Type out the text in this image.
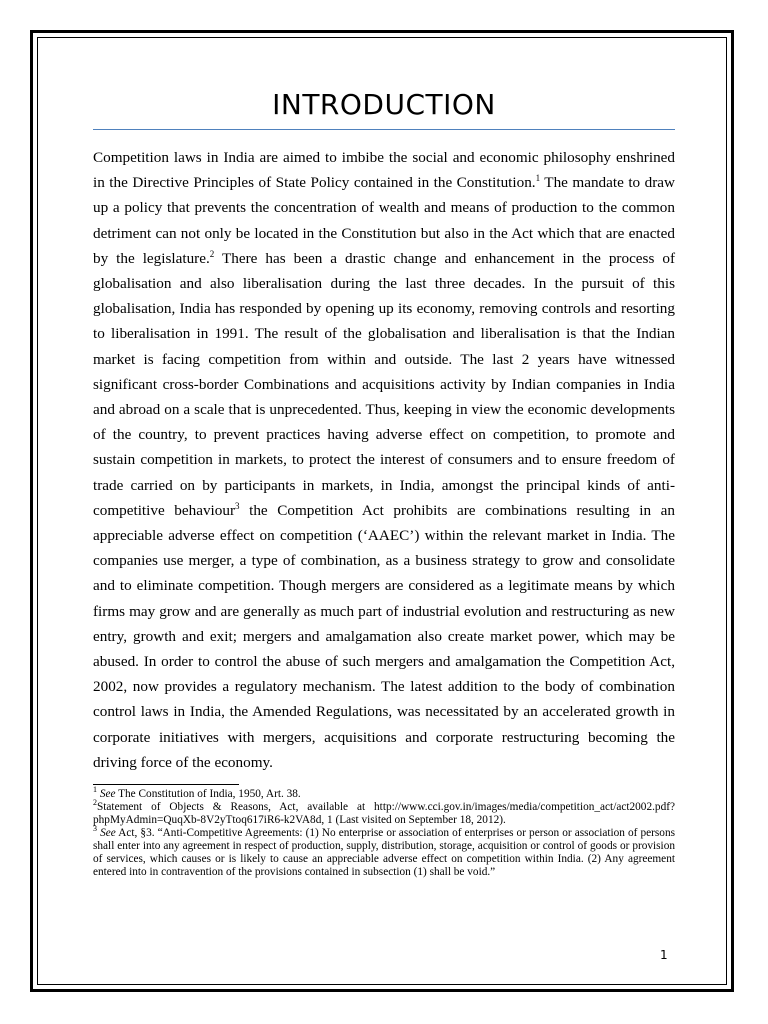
INTRODUCTION

Competition laws in India are aimed to imbibe the social and economic philosophy enshrined in the Directive Principles of State Policy contained in the Constitution.$^1$ The mandate to draw up a policy that prevents the concentration of wealth and means of production to the common detriment can not only be located in the Constitution but also in the Act which that are enacted by the legislature.$^2$ There has been a drastic change and enhancement in the process of globalisation and also liberalisation during the last three decades. In the pursuit of this globalisation, India has responded by opening up its economy, removing controls and resorting to liberalisation in 1991. The result of the globalisation and liberalisation is that the Indian market is facing competition from within and outside. The last 2 years have witnessed significant cross-border Combinations and acquisitions activity by Indian companies in India and abroad on a scale that is unprecedented. Thus, keeping in view the economic developments of the country, to prevent practices having adverse effect on competition, to promote and sustain competition in markets, to protect the interest of consumers and to ensure freedom of trade carried on by participants in markets, in India, amongst the principal kinds of anti-competitive behaviour$^3$ the Competition Act prohibits are combinations resulting in an appreciable adverse effect on competition (‘AAEC’) within the relevant market in India. The companies use merger, a type of combination, as a business strategy to grow and consolidate and to eliminate competition. Though mergers are considered as a legitimate means by which firms may grow and are generally as much part of industrial evolution and restructuring as new entry, growth and exit; mergers and amalgamation also create market power, which may be abused. In order to control the abuse of such mergers and amalgamation the Competition Act, 2002, now provides a regulatory mechanism. The latest addition to the body of combination control laws in India, the Amended Regulations, was necessitated by an accelerated growth in corporate initiatives with mergers, acquisitions and corporate restructuring becoming the driving force of the economy.

$^1$ See The Constitution of India, 1950, Art. 38.

$^2$Statement of Objects & Reasons, Act, available at http://www.cci.gov.in/images/media/competition_act/act2002.pdf?phpMyAdmin=QuqXb-8V2yTtoq617iR6-k2VA8d, 1 (Last visited on September 18, 2012).

$^3$ See Act, §3. “Anti-Competitive Agreements: (1) No enterprise or association of enterprises or person or association of persons shall enter into any agreement in respect of production, supply, distribution, storage, acquisition or control of goods or provision of services, which causes or is likely to cause an appreciable adverse effect on competition within India. (2) Any agreement entered into in contravention of the provisions contained in subsection (1) shall be void.”

1
